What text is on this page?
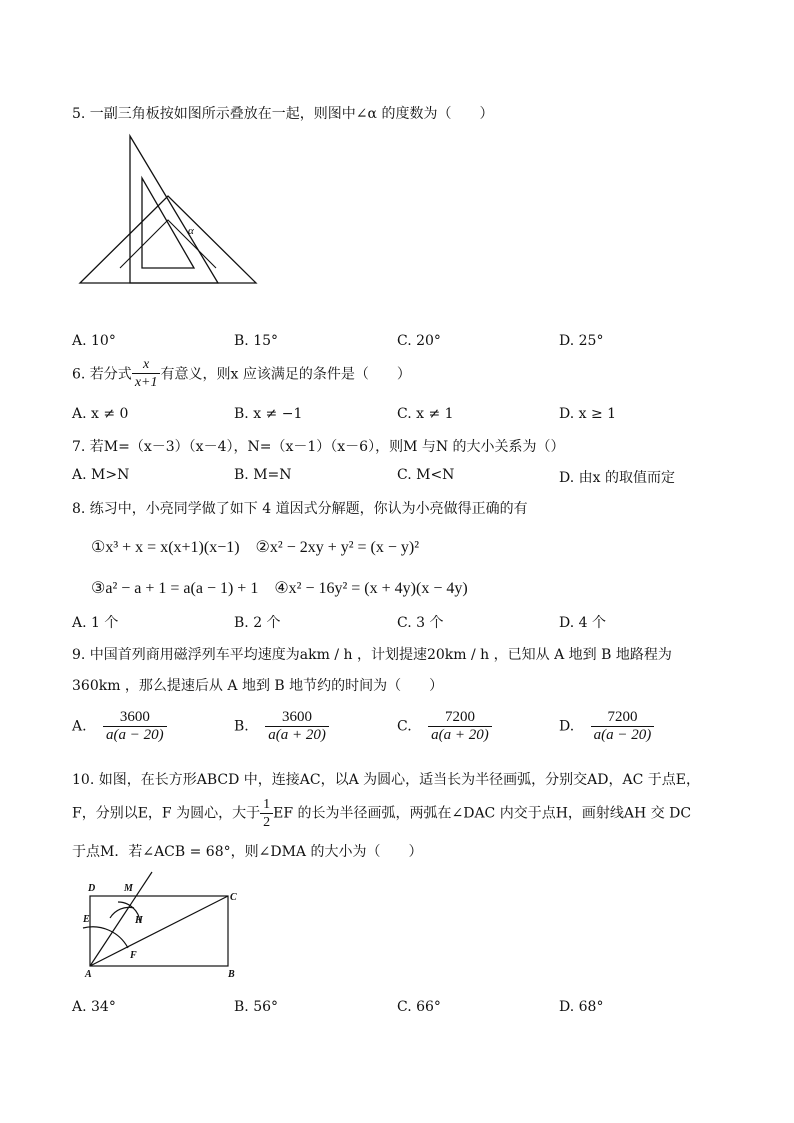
5. 一副三角板按如图所示叠放在一起，则图中∠α 的度数为（　　）
α
A. 10°	B. 15°	C. 20°	D. 25°
6. 若分式 $\frac{x}{x+1}$ 有意义，则x 应该满足的条件是（　　）
A. x ≠ 0	B. x ≠ −1	C. x ≠ 1	D. x ≥ 1
7. 若M=（x－3）（x－4），N=（x－1）（x－6），则M 与N 的大小关系为（）
A. M>N	B. M=N	C. M<N	D. 由x 的取值而定
8. 练习中，小亮同学做了如下 4 道因式分解题，你认为小亮做得正确的有
①x³ + x = x(x+1)(x−1)　②x² − 2xy + y² = (x − y)²
③a² − a + 1 = a(a − 1) + 1　④x² − 16y² = (x + 4y)(x − 4y)
A. 1 个	B. 2 个	C. 3 个	D. 4 个
9. 中国首列商用磁浮列车平均速度为akm / h ，计划提速20km / h ，已知从 A 地到 B 地路程为
360km ，那么提速后从 A 地到 B 地节约的时间为（　　）
A. $\frac{3600}{a(a - 20)}$	B. $\frac{3600}{a(a + 20)}$	C. $\frac{7200}{a(a + 20)}$	D. $\frac{7200}{a(a - 20)}$
10. 如图，在长方形ABCD 中，连接AC，以A 为圆心，适当长为半径画弧，分别交AD，AC 于点E，
F，分别以E，F 为圆心，大于 $\frac{1}{2}$ EF 的长为半径画弧，两弧在∠DAC 内交于点H，画射线AH 交 DC
于点M．若∠ACB = 68°，则∠DMA 的大小为（　　）
D	M
C
E	H
F
A	B
A. 34°	B. 56°	C. 66°	D. 68°
